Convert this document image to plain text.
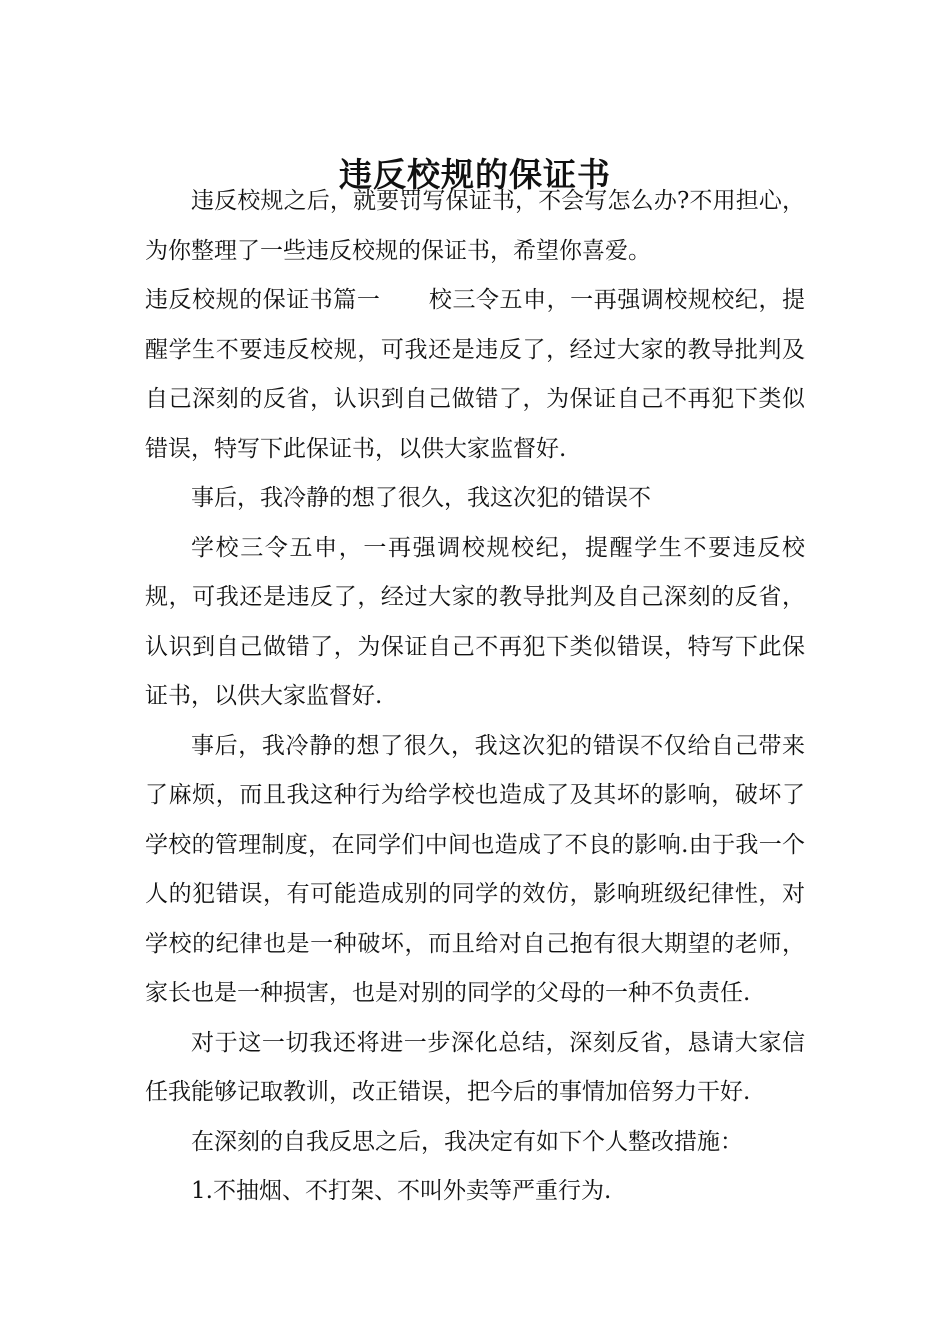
违反校规的保证书

违反校规之后，就要罚写保证书，不会写怎么办?不用担心，为你整理了一些违反校规的保证书，希望你喜爱。

违反校规的保证书篇一 校三令五申，一再强调校规校纪，提醒学生不要违反校规，可我还是违反了，经过大家的教导批判及自己深刻的反省，认识到自己做错了，为保证自己不再犯下类似错误，特写下此保证书，以供大家监督好.

事后，我冷静的想了很久，我这次犯的错误不

学校三令五申，一再强调校规校纪，提醒学生不要违反校规，可我还是违反了，经过大家的教导批判及自己深刻的反省，认识到自己做错了，为保证自己不再犯下类似错误，特写下此保证书，以供大家监督好.

事后，我冷静的想了很久，我这次犯的错误不仅给自己带来了麻烦，而且我这种行为给学校也造成了及其坏的影响，破坏了学校的管理制度，在同学们中间也造成了不良的影响.由于我一个人的犯错误，有可能造成别的同学的效仿，影响班级纪律性，对学校的纪律也是一种破坏，而且给对自己抱有很大期望的老师，家长也是一种损害，也是对别的同学的父母的一种不负责任.

对于这一切我还将进一步深化总结，深刻反省，恳请大家信任我能够记取教训，改正错误，把今后的事情加倍努力干好.

在深刻的自我反思之后，我决定有如下个人整改措施：

1.不抽烟、不打架、不叫外卖等严重行为.
